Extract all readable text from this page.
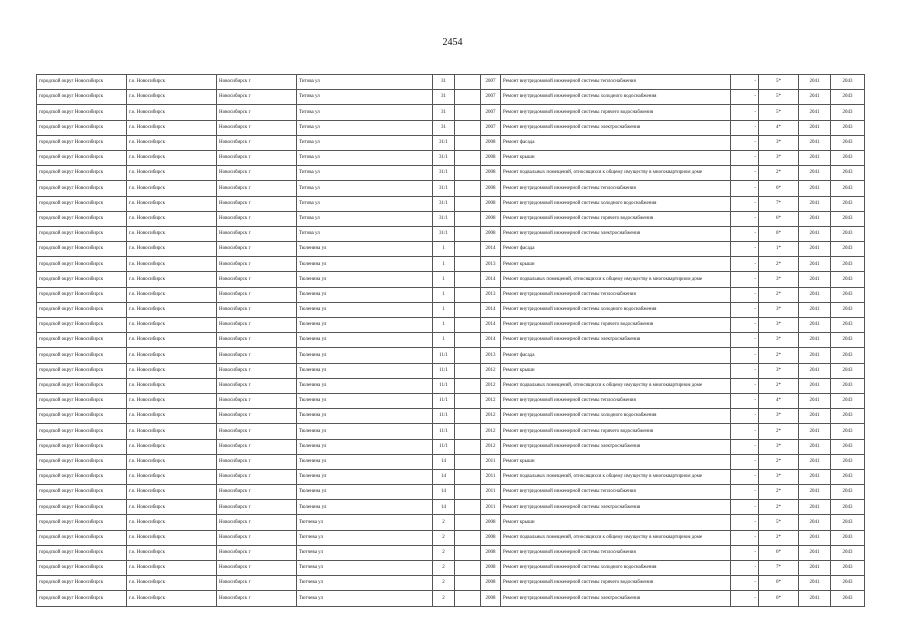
2454
городской округ Новосибирск	г.о. Новосибирск	Новосибирск г	Титова ул	31		2007	Ремонт внутридомовой инженерной системы теплоснабжения	-	5*	2041	2043
городской округ Новосибирск	г.о. Новосибирск	Новосибирск г	Титова ул	31		2007	Ремонт внутридомовой инженерной системы холодного водоснабжения	-	5*	2041	2043
городской округ Новосибирск	г.о. Новосибирск	Новосибирск г	Титова ул	31		2007	Ремонт внутридомовой инженерной системы горячего водоснабжения	-	5*	2041	2043
городской округ Новосибирск	г.о. Новосибирск	Новосибирск г	Титова ул	31		2007	Ремонт внутридомовой инженерной системы электроснабжения	-	4*	2041	2043
городской округ Новосибирск	г.о. Новосибирск	Новосибирск г	Титова ул	31/1		2008	Ремонт фасада	-	3*	2041	2043
городской округ Новосибирск	г.о. Новосибирск	Новосибирск г	Титова ул	31/1		2008	Ремонт крыши	-	3*	2041	2043
городской округ Новосибирск	г.о. Новосибирск	Новосибирск г	Титова ул	31/1		2008	Ремонт подвальных помещений, относящихся к общему имуществу в многоквартирном доме	-	2*	2041	2043
городской округ Новосибирск	г.о. Новосибирск	Новосибирск г	Титова ул	31/1		2008	Ремонт внутридомовой инженерной системы теплоснабжения	-	6*	2041	2043
городской округ Новосибирск	г.о. Новосибирск	Новосибирск г	Титова ул	31/1		2008	Ремонт внутридомовой инженерной системы холодного водоснабжения	-	7*	2041	2043
городской округ Новосибирск	г.о. Новосибирск	Новосибирск г	Титова ул	31/1		2008	Ремонт внутридомовой инженерной системы горячего водоснабжения	-	6*	2041	2043
городской округ Новосибирск	г.о. Новосибирск	Новосибирск г	Титова ул	31/1		2008	Ремонт внутридомовой инженерной системы электроснабжения	-	6*	2041	2043
городской округ Новосибирск	г.о. Новосибирск	Новосибирск г	Тюленина ул	1		2014	Ремонт фасада	-	1*	2041	2043
городской округ Новосибирск	г.о. Новосибирск	Новосибирск г	Тюленина ул	1		2013	Ремонт крыши	-	2*	2041	2043
городской округ Новосибирск	г.о. Новосибирск	Новосибирск г	Тюленина ул	1		2014	Ремонт подвальных помещений, относящихся к общему имуществу в многоквартирном доме	-	3*	2041	2043
городской округ Новосибирск	г.о. Новосибирск	Новосибирск г	Тюленина ул	1		2013	Ремонт внутридомовой инженерной системы теплоснабжения	-	2*	2041	2043
городской округ Новосибирск	г.о. Новосибирск	Новосибирск г	Тюленина ул	1		2014	Ремонт внутридомовой инженерной системы холодного водоснабжения	-	3*	2041	2043
городской округ Новосибирск	г.о. Новосибирск	Новосибирск г	Тюленина ул	1		2014	Ремонт внутридомовой инженерной системы горячего водоснабжения	-	3*	2041	2043
городской округ Новосибирск	г.о. Новосибирск	Новосибирск г	Тюленина ул	1		2014	Ремонт внутридомовой инженерной системы электроснабжения	-	3*	2041	2043
городской округ Новосибирск	г.о. Новосибирск	Новосибирск г	Тюленина ул	11/1		2013	Ремонт фасада	-	2*	2041	2043
городской округ Новосибирск	г.о. Новосибирск	Новосибирск г	Тюленина ул	11/1		2012	Ремонт крыши	-	3*	2041	2043
городской округ Новосибирск	г.о. Новосибирск	Новосибирск г	Тюленина ул	11/1		2012	Ремонт подвальных помещений, относящихся к общему имуществу в многоквартирном доме	-	2*	2041	2043
городской округ Новосибирск	г.о. Новосибирск	Новосибирск г	Тюленина ул	11/1		2012	Ремонт внутридомовой инженерной системы теплоснабжения	-	4*	2041	2043
городской округ Новосибирск	г.о. Новосибирск	Новосибирск г	Тюленина ул	11/1		2012	Ремонт внутридомовой инженерной системы холодного водоснабжения	-	3*	2041	2043
городской округ Новосибирск	г.о. Новосибирск	Новосибирск г	Тюленина ул	11/1		2012	Ремонт внутридомовой инженерной системы горячего водоснабжения	-	2*	2041	2043
городской округ Новосибирск	г.о. Новосибирск	Новосибирск г	Тюленина ул	11/1		2012	Ремонт внутридомовой инженерной системы электроснабжения	-	3*	2041	2043
городской округ Новосибирск	г.о. Новосибирск	Новосибирск г	Тюленина ул	14		2011	Ремонт крыши	-	2*	2041	2043
городской округ Новосибирск	г.о. Новосибирск	Новосибирск г	Тюленина ул	14		2011	Ремонт подвальных помещений, относящихся к общему имуществу в многоквартирном доме	-	3*	2041	2043
городской округ Новосибирск	г.о. Новосибирск	Новосибирск г	Тюленина ул	14		2011	Ремонт внутридомовой инженерной системы теплоснабжения	-	2*	2041	2043
городской округ Новосибирск	г.о. Новосибирск	Новосибирск г	Тюленина ул	14		2011	Ремонт внутридомовой инженерной системы электроснабжения	-	2*	2041	2043
городской округ Новосибирск	г.о. Новосибирск	Новосибирск г	Тютчева ул	2		2008	Ремонт крыши	-	5*	2041	2043
городской округ Новосибирск	г.о. Новосибирск	Новосибирск г	Тютчева ул	2		2008	Ремонт подвальных помещений, относящихся к общему имуществу в многоквартирном доме	-	2*	2041	2043
городской округ Новосибирск	г.о. Новосибирск	Новосибирск г	Тютчева ул	2		2008	Ремонт внутридомовой инженерной системы теплоснабжения	-	6*	2041	2043
городской округ Новосибирск	г.о. Новосибирск	Новосибирск г	Тютчева ул	2		2008	Ремонт внутридомовой инженерной системы холодного водоснабжения	-	7*	2041	2043
городской округ Новосибирск	г.о. Новосибирск	Новосибирск г	Тютчева ул	2		2008	Ремонт внутридомовой инженерной системы горячего водоснабжения	-	6*	2041	2043
городской округ Новосибирск	г.о. Новосибирск	Новосибирск г	Тютчева ул	2		2008	Ремонт внутридомовой инженерной системы электроснабжения	-	6*	2041	2043
